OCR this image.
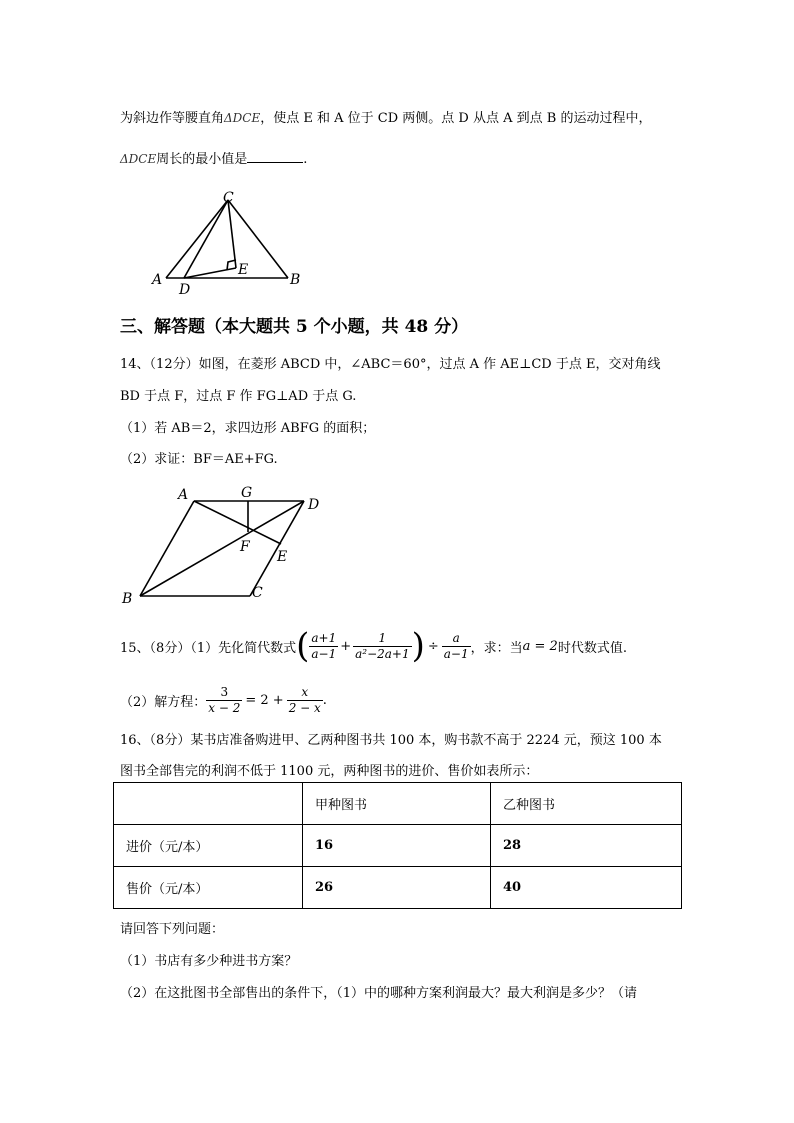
为斜边作等腰直角ΔDCE，使点 E 和 A 位于 CD 两侧。点 D 从点 A 到点 B 的运动过程中，
ΔDCE周长的最小值是	.
C
A
D
E
B
三、解答题（本大题共 5 个小题，共 48 分）
14、（12分）如图，在菱形 ABCD 中，∠ABC＝60°，过点 A 作 AE⊥CD 于点 E，交对角线
BD 于点 F，过点 F 作 FG⊥AD 于点 G.
（1）若 AB＝2，求四边形 ABFG 的面积；
（2）求证：BF＝AE+FG.
A	G
D
F
E
B	C
15、（8分）（1）先化简代数式 ( $\frac{a+1}{a-1} + \frac{1}{\text{a²−2a+1}}$ ) ÷ $\frac{a}{a-1}$ ，求：当 a = 2 时代数式值.
（2）解方程： $\frac{3}{x - 2} = 2 + \frac{x}{2 - x}$ .
16、（8分）某书店准备购进甲、乙两种图书共 100 本，购书款不高于 2224 元，预这 100 本
图书全部售完的利润不低于 1100 元，两种图书的进价、售价如表所示：
	甲种图书	乙种图书
进价（元/本）	16	28
售价（元/本）	26	40
请回答下列问题：
（1）书店有多少种进书方案？
（2）在这批图书全部售出的条件下，（1）中的哪种方案利润最大？最大利润是多少？（请
